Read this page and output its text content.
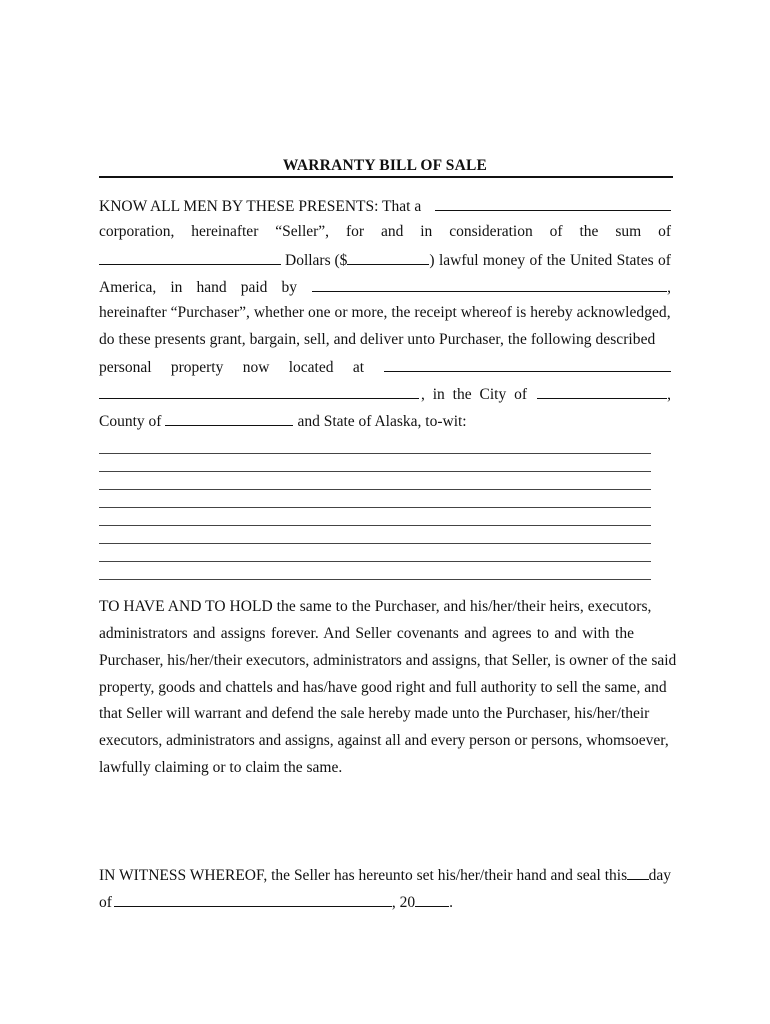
WARRANTY BILL OF SALE
KNOW ALL MEN BY THESE PRESENTS: That a
corporation, hereinafter “Seller”, for and in consideration of the sum of
Dollars ($	) lawful money of the United States of
America, in hand paid by	,
hereinafter “Purchaser”, whether one or more, the receipt whereof is hereby acknowledged,
do these presents grant, bargain, sell, and deliver unto Purchaser, the following described
personal property now located at
, in the City of	,
County of	and State of Alaska, to-wit:
TO HAVE AND TO HOLD the same to the Purchaser, and his/her/their heirs, executors,
administrators and assigns forever. And Seller covenants and agrees to and with the
Purchaser, his/her/their executors, administrators and assigns, that Seller, is owner of the said
property, goods and chattels and has/have good right and full authority to sell the same, and
that Seller will warrant and defend the sale hereby made unto the Purchaser, his/her/their
executors, administrators and assigns, against all and every person or persons, whomsoever,
lawfully claiming or to claim the same.
IN WITNESS WHEREOF, the Seller has hereunto set his/her/their hand and seal this day
of	, 20 .
